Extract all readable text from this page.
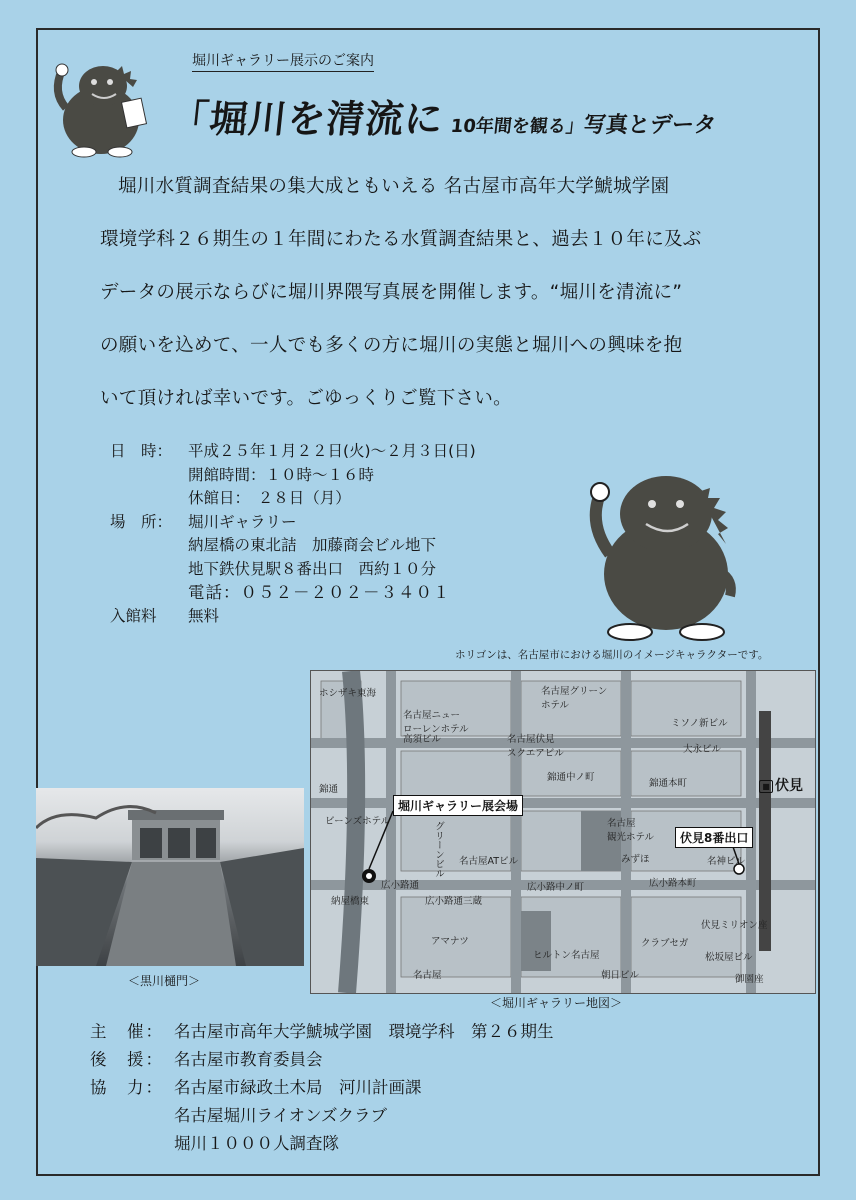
堀川ギャラリー展示のご案内
「堀川を清流に 10年間を観る」写真とデータ

堀川水質調査結果の集大成ともいえる 名古屋市高年大学鯱城学園

環境学科２６期生の１年間にわたる水質調査結果と、過去１０年に及ぶ

データの展示ならびに堀川界隈写真展を開催します。“堀川を清流に”

の願いを込めて、一人でも多くの方に堀川の実態と堀川への興味を抱

いて頂ければ幸いです。ごゆっくりご覧下さい。

日　時：	平成２５年１月２２日(火)～２月３日(日)
開館時間：１０時～１６時
休館日：　２８日（月）
場　所：	堀川ギャラリー
納屋橋の東北詰　加藤商会ビル地下
地下鉄伏見駅８番出口　西約１０分
電話：０５２－２０２－３４０１
入館料	無料
ホリゴンは、名古屋市における堀川のイメージキャラクターです。
＜黒川樋門＞
ホシザキ東海	名古屋グリーン
ホテル
名古屋ニュー
ローレンホテル
高須ビル
ミソノ新ビル
名古屋伏見
スクエアビル	大永ビル
錦通
錦通中ノ町
錦通本町
ビーンズホテル	名古屋
観光ホテル
みずほ
名古屋ATビル	名神ビル
広小路通	広小路中ノ町	広小路本町
納屋橋東	広小路通三蔵
アマナツ
ヒルトン名古屋
クラブセガ
伏見ミリオン座
松坂屋ビル
御園座
名古屋	朝日ビル
グリーンビル
堀川ギャラリー展会場
伏見8番出口
■ 伏見
＜堀川ギャラリー地図＞
主　催： 名古屋市高年大学鯱城学園　環境学科　第２６期生
後　援： 名古屋市教育委員会
協　力： 名古屋市緑政土木局　河川計画課
名古屋堀川ライオンズクラブ
堀川１０００人調査隊
